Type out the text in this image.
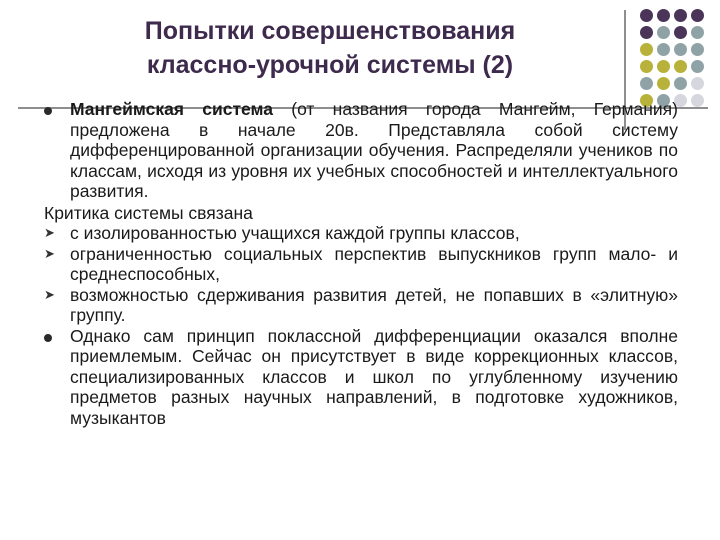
Попытки совершенствования
классно-урочной системы (2)

Мангеймская система (от названия города Мангейм, Германия) предложена в начале 20в. Представляла собой систему дифференцированной организации обучения. Распределяли учеников по классам, исходя из уровня их учебных способностей и интеллектуального развития.

Критика системы связана

➤ с изолированностью учащихся каждой группы классов,

➤ ограниченностью социальных перспектив выпускников групп мало- и среднеспособных,

➤ возможностью сдерживания развития детей, не попавших в «элитную» группу.

Однако сам принцип поклассной дифференциации оказался вполне приемлемым. Сейчас он присутствует в виде коррекционных классов, специализированных классов и школ по углубленному изучению предметов разных научных направлений, в подготовке художников, музыкантов
